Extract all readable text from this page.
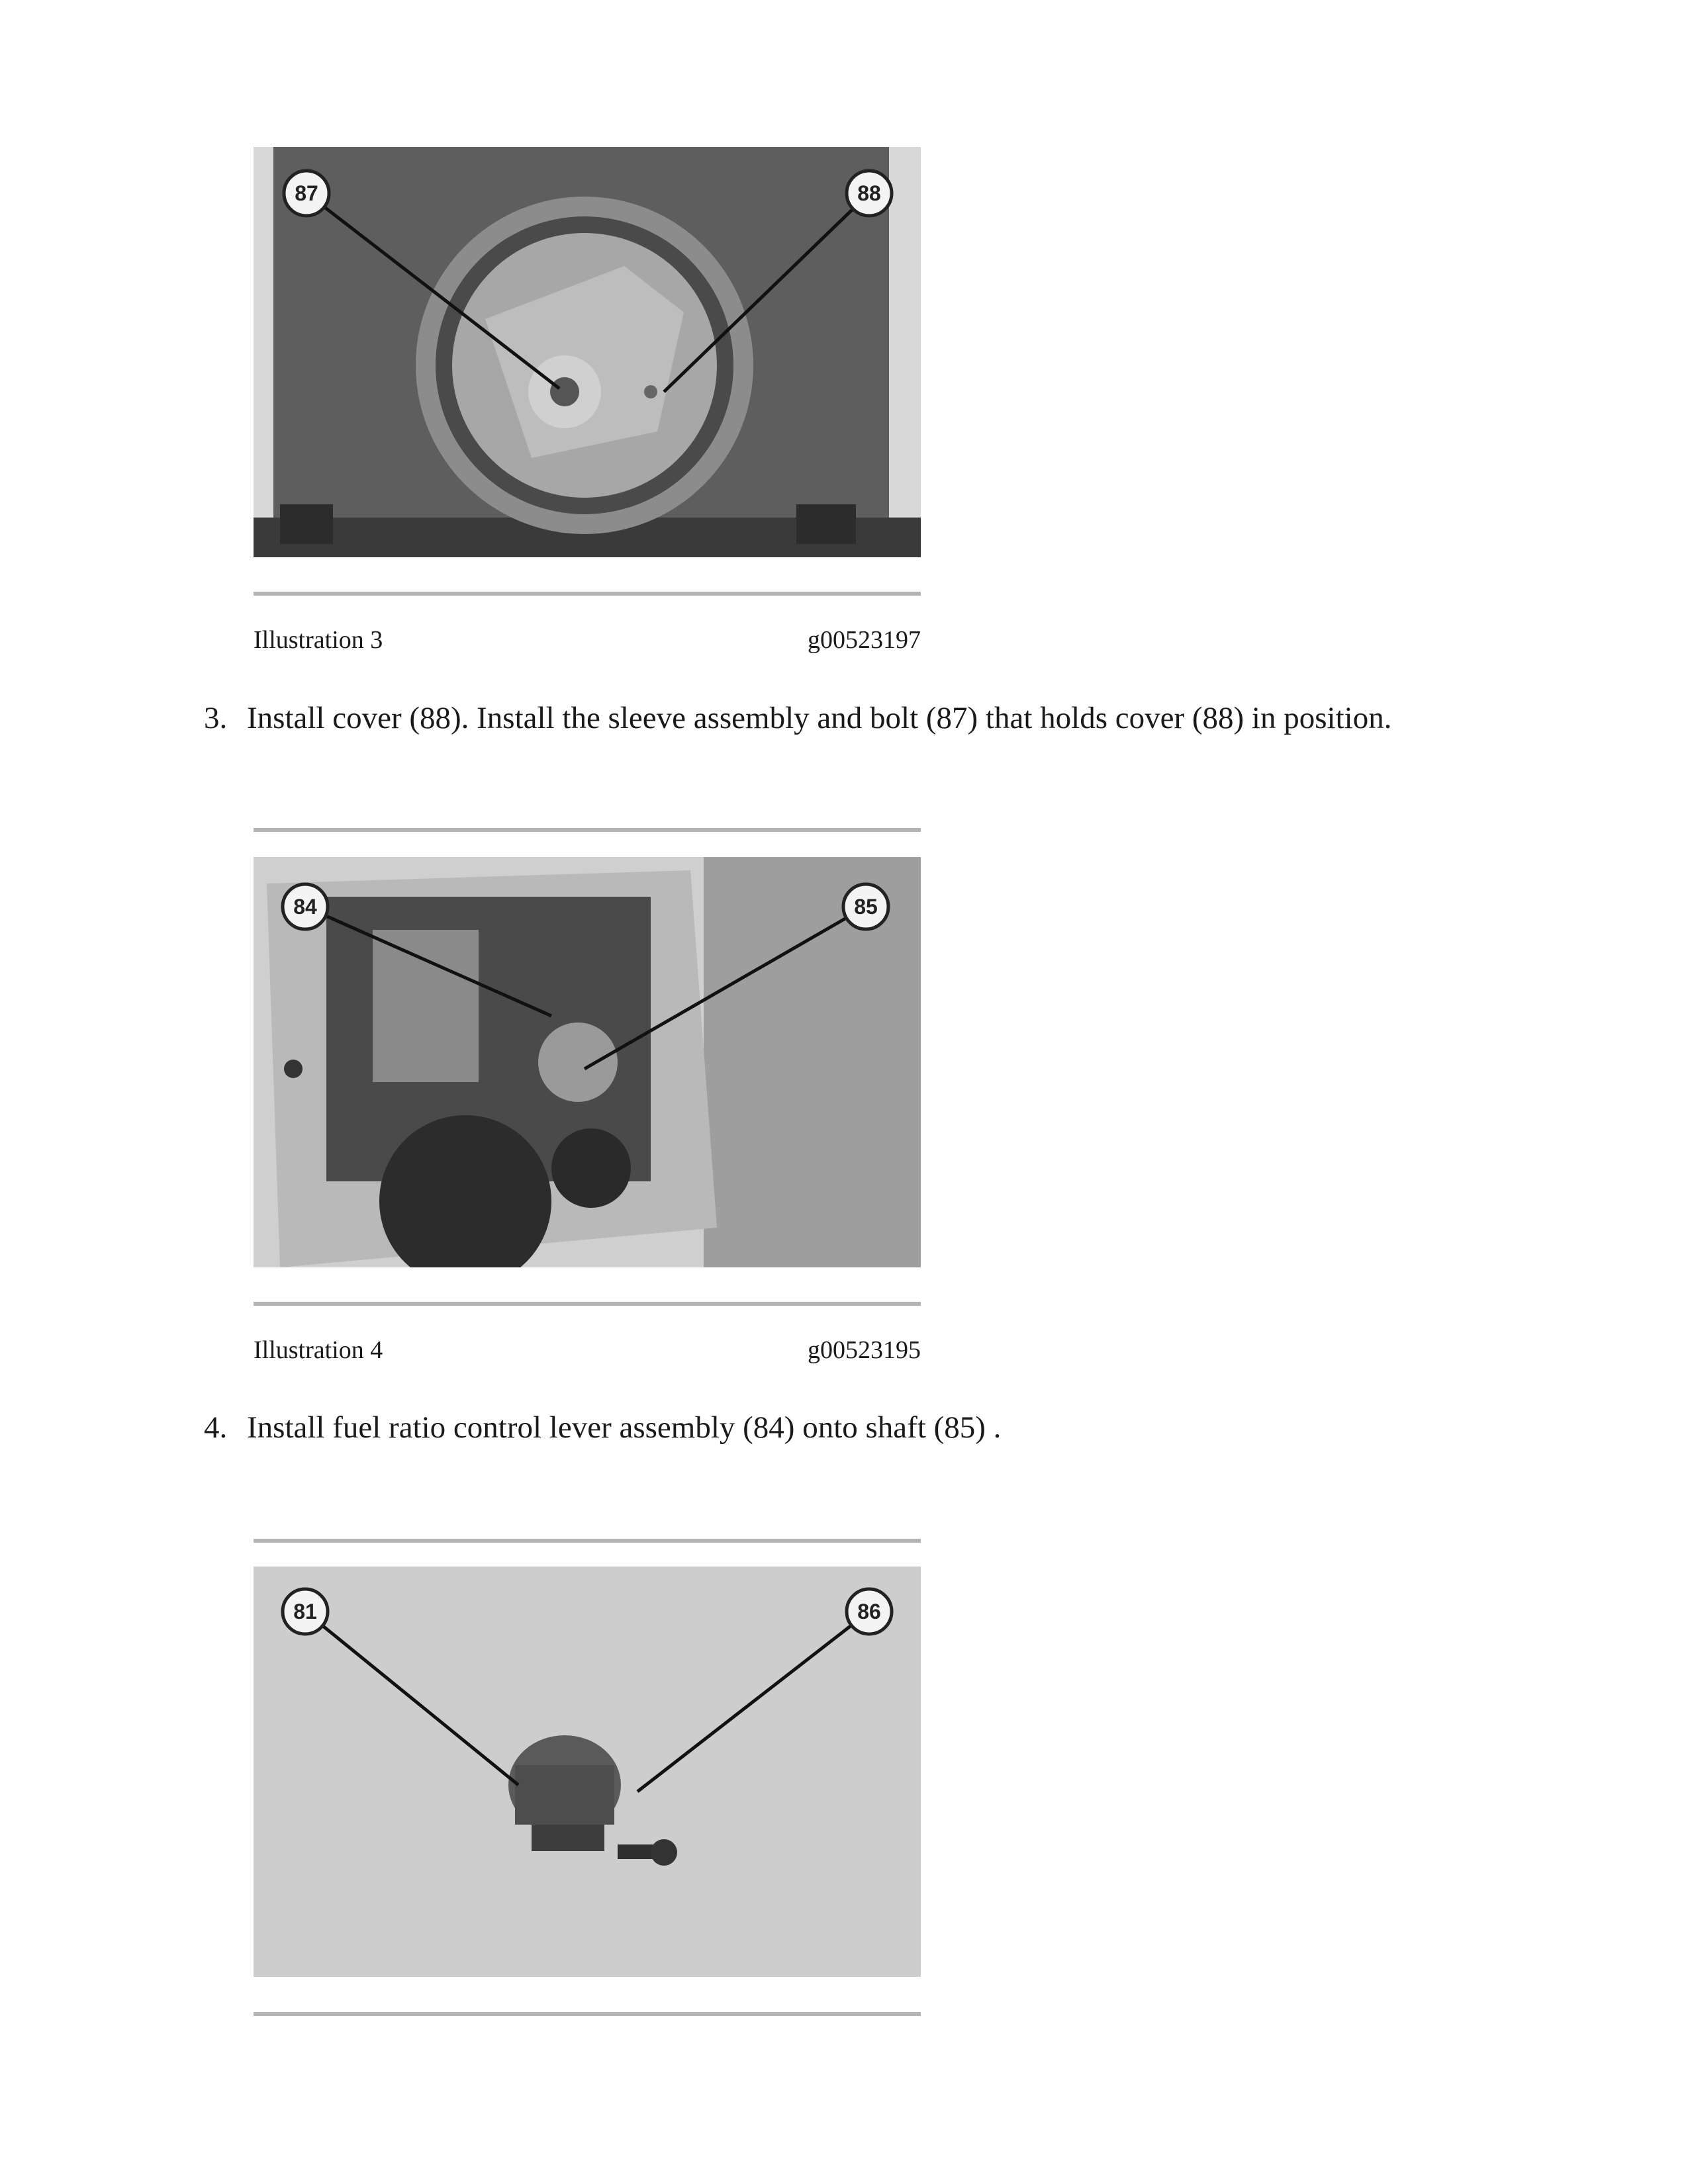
87	88
Illustration 3	g00523197
3. Install cover (88). Install the sleeve assembly and bolt (87) that holds cover (88) in position.
84	85
Illustration 4	g00523195
4. Install fuel ratio control lever assembly (84) onto shaft (85) .
81	86
